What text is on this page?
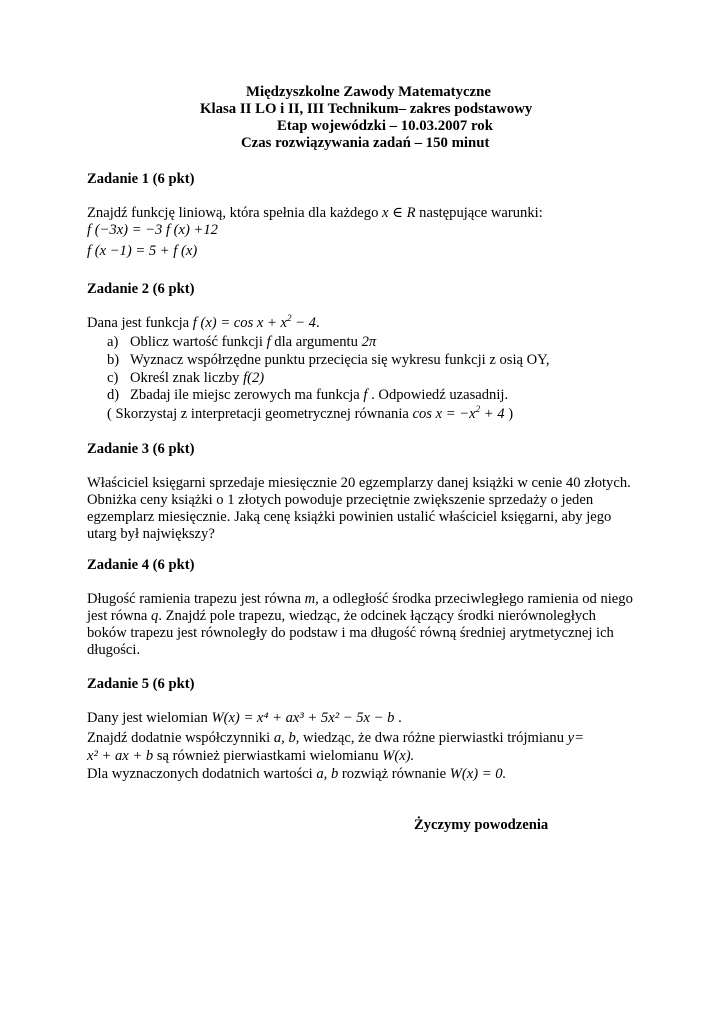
Międzyszkolne Zawody Matematyczne
Klasa II LO i II, III Technikum– zakres podstawowy
Etap wojewódzki – 10.03.2007 rok
Czas rozwiązywania zadań – 150 minut
Zadanie 1 (6 pkt)
Znajdź funkcję liniową, która spełnia dla każdego x ∈ R następujące warunki:
f (−3x) = −3 f (x) +12
f (x −1) = 5 + f (x)
Zadanie 2 (6 pkt)
Dana jest funkcja f $(x) = \cos x + x^2 - 4$.
a) Oblicz wartość funkcji f dla argumentu 2π
b) Wyznacz współrzędne punktu przecięcia się wykresu funkcji z osią OY,
c) Określ znak liczby f(2)
d) Zbadaj ile miejsc zerowych ma funkcja f . Odpowiedź uzasadnij.
( Skorzystaj z interpretacji geometrycznej równania $\cos x = -x^2 + 4$ )
Zadanie 3 (6 pkt)
Właściciel księgarni sprzedaje miesięcznie 20 egzemplarzy danej książki w cenie 40 złotych.
Obniżka ceny książki o 1 złotych powoduje przeciętnie zwiększenie sprzedaży o jeden
egzemplarz miesięcznie. Jaką cenę książki powinien ustalić właściciel księgarni, aby jego
utarg był największy?
Zadanie 4 (6 pkt)
Długość ramienia trapezu jest równa m, a odległość środka przeciwległego ramienia od niego
jest równa q. Znajdź pole trapezu, wiedząc, że odcinek łączący środki nierównoległych
boków trapezu jest równoległy do podstaw i ma długość równą średniej arytmetycznej ich
długości.
Zadanie 5 (6 pkt)
Dany jest wielomian W(x) = x⁴ + ax³ + 5x² − 5x − b .
Znajdź dodatnie współczynniki a, b, wiedząc, że dwa różne pierwiastki trójmianu y=
x² + ax + b są również pierwiastkami wielomianu W(x).
Dla wyznaczonych dodatnich wartości a, b rozwiąż równanie W(x) = 0.
Życzymy powodzenia
